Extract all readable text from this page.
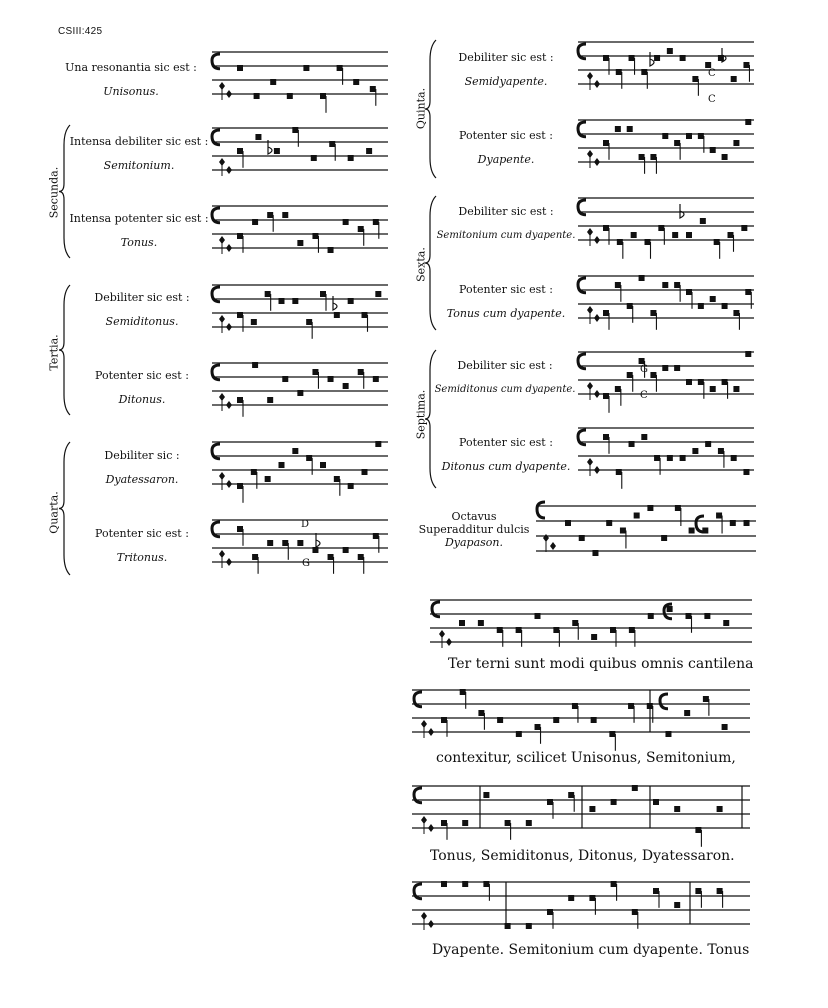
CSIII:425
Una resonantia sic est :
Unisonus.
Intensa debiliter sic est :
Semitonium.
Intensa potenter sic est :
Tonus.
Debiliter sic est :
Semiditonus.
Potenter sic est :
Ditonus.
Debiliter sic :
Dyatessaron.
Potenter sic est :
Tritonus.
Secunda.
Tertia.
Quarta.
Debiliter sic est :
Semidyapente.
Potenter sic est :
Dyapente.
Debiliter sic est :
Semitonium cum dyapente.
Potenter sic est :
Tonus cum dyapente.
Debiliter sic est :
Semiditonus cum dyapente.
Potenter sic est :
Ditonus cum dyapente.
Octavus
Superadditur dulcis
Dyapason.
Quinta.
Sexta.
Septima.
Ter terni sunt modi quibus omnis cantilena
contexitur, scilicet Unisonus, Semitonium,
Tonus, Semiditonus, Ditonus, Dyatessaron.
Dyapente. Semitonium cum dyapente. Tonus
C
C
G
C
D
G
